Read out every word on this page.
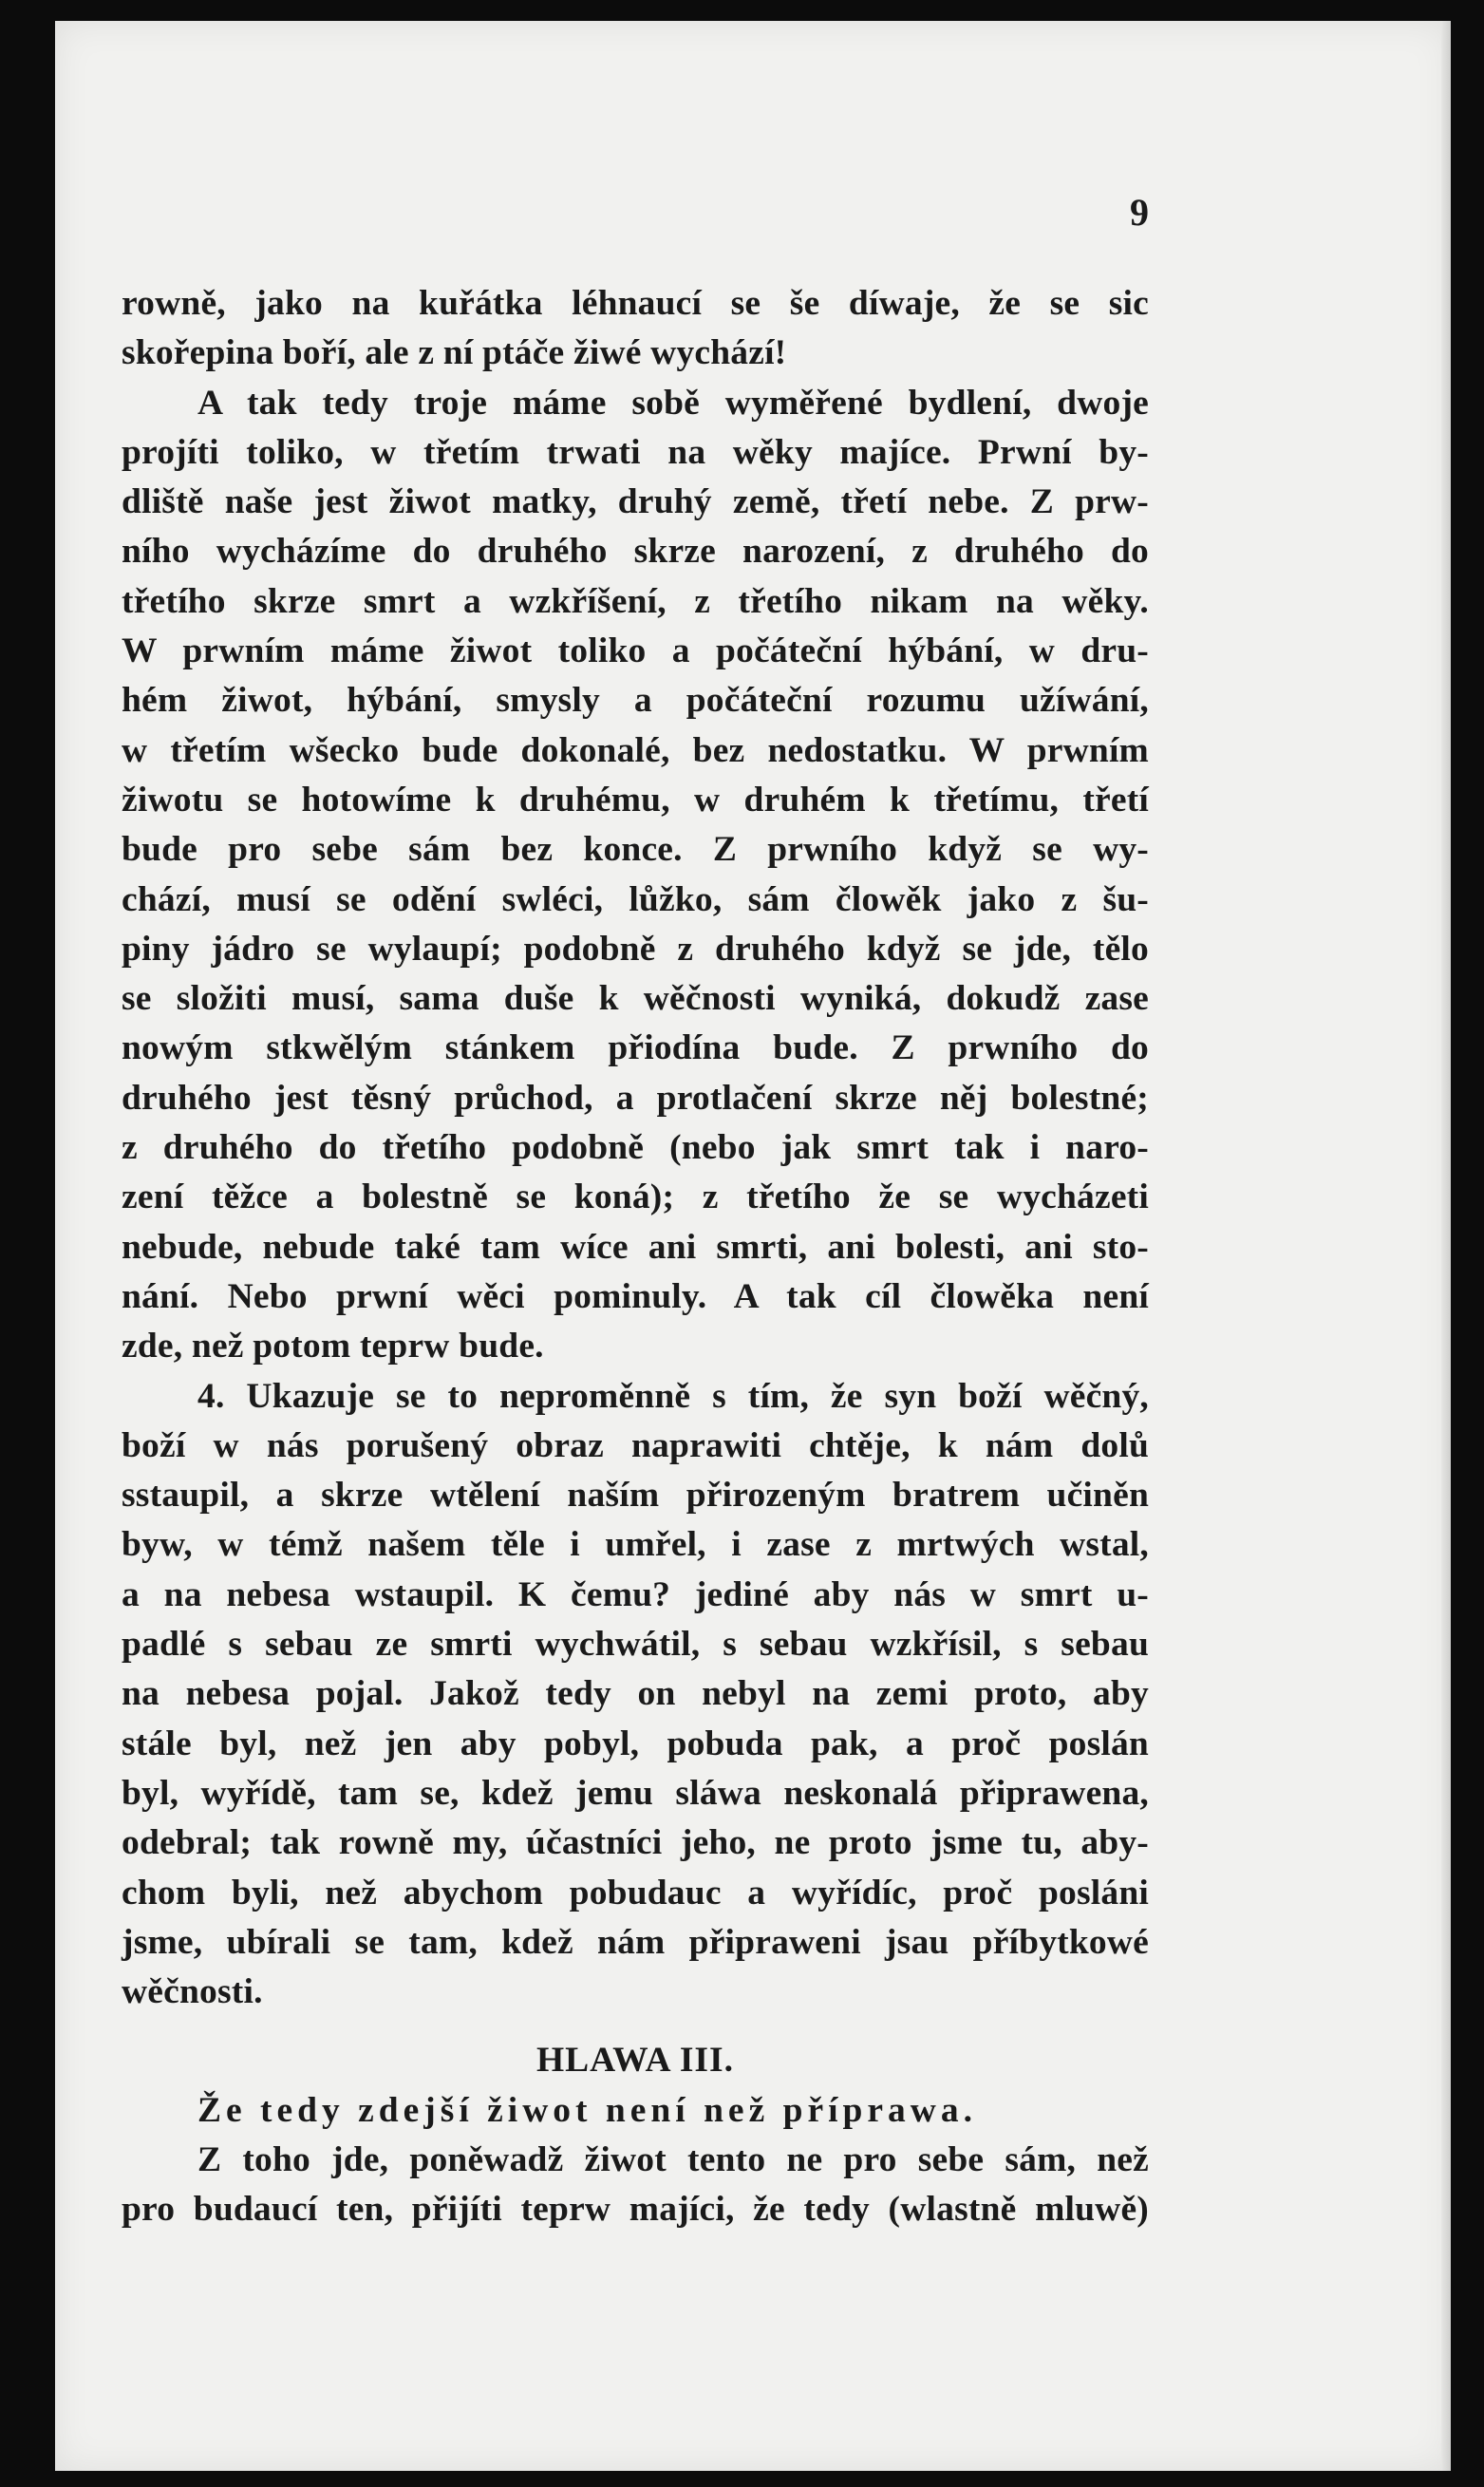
9
rowně, jako na kuřátka léhnaucí se še díwaje, že se sic
skořepina boří, ale z ní ptáče žiwé wychází!
A tak tedy troje máme sobě wyměřené bydlení, dwoje
projíti toliko, w třetím trwati na wěky majíce. Prwní by-
dliště naše jest žiwot matky, druhý země, třetí nebe. Z prw-
ního wycházíme do druhého skrze narození, z druhého do
třetího skrze smrt a wzkříšení, z třetího nikam na wěky.
W prwním máme žiwot toliko a počáteční hýbání, w dru-
hém žiwot, hýbání, smysly a počáteční rozumu užíwání,
w třetím wšecko bude dokonalé, bez nedostatku. W prwním
žiwotu se hotowíme k druhému, w druhém k třetímu, třetí
bude pro sebe sám bez konce. Z prwního když se wy-
chází, musí se odění swléci, lůžko, sám člowěk jako z šu-
piny jádro se wylaupí; podobně z druhého když se jde, tělo
se složiti musí, sama duše k wěčnosti wyniká, dokudž zase
nowým stkwělým stánkem přiodína bude. Z prwního do
druhého jest těsný průchod, a protlačení skrze něj bolestné;
z druhého do třetího podobně (nebo jak smrt tak i naro-
zení těžce a bolestně se koná); z třetího že se wycházeti
nebude, nebude také tam wíce ani smrti, ani bolesti, ani sto-
nání. Nebo prwní wěci pominuly. A tak cíl člowěka není
zde, než potom teprw bude.
4. Ukazuje se to neproměnně s tím, že syn boží wěčný,
boží w nás porušený obraz naprawiti chtěje, k nám dolů
sstaupil, a skrze wtělení naším přirozeným bratrem učiněn
byw, w témž našem těle i umřel, i zase z mrtwých wstal,
a na nebesa wstaupil. K čemu? jediné aby nás w smrt u-
padlé s sebau ze smrti wychwátil, s sebau wzkřísil, s sebau
na nebesa pojal. Jakož tedy on nebyl na zemi proto, aby
stále byl, než jen aby pobyl, pobuda pak, a proč poslán
byl, wyřídě, tam se, kdež jemu sláwa neskonalá připrawena,
odebral; tak rowně my, účastníci jeho, ne proto jsme tu, aby-
chom byli, než abychom pobudauc a wyřídíc, proč posláni
jsme, ubírali se tam, kdež nám připraweni jsau příbytkowé
wěčnosti.
HLAWA III.
Že tedy zdejší žiwot není než příprawa.
Z toho jde, poněwadž žiwot tento ne pro sebe sám, než
pro budaucí ten, přijíti teprw majíci, že tedy (wlastně mluwě)
